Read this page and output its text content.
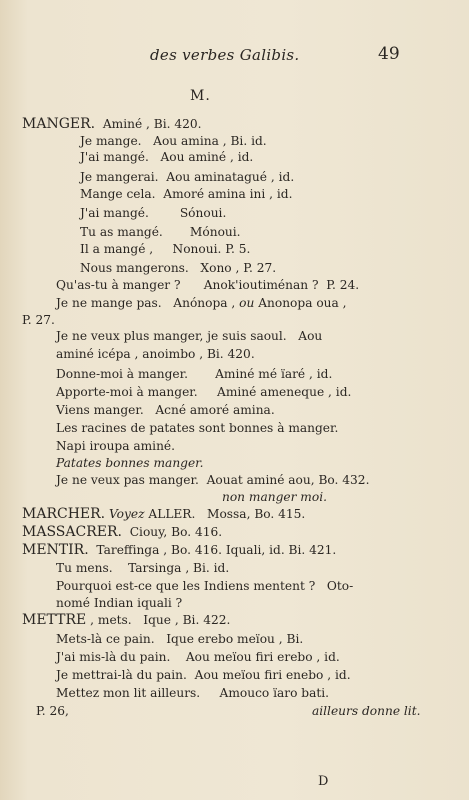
des verbes Galibis.	49
M.
MANGER.  Aminé , Bi. 420.
Je mange.   Aou amina , Bi. id.
J'ai mangé.   Aou aminé , id.
Je mangerai.  Aou aminatagué , id.
Mange cela.  Amoré amina ini , id.
J'ai mangé.        Sónoui.
Tu as mangé.       Mónoui.
Il a mangé ,     Nonoui. P. 5.
Nous mangerons.   Xono , P. 27.
Qu'as-tu à manger ?      Anok'ioutiménan ?  P. 24.
Je ne mange pas.   Anónopa , ou Anonopa oua ,
P. 27.
Je ne veux plus manger, je suis saoul.   Aou
aminé icépa , anoimbo , Bi. 420.
Donne-moi à manger.       Aminé mé ïaré , id.
Apporte-moi à manger.     Aminé ameneque , id.
Viens manger.   Acné amoré amina.
Les racines de patates sont bonnes à manger.
Napi iroupa aminé.
Patates bonnes manger.
Je ne veux pas manger.  Aouat aminé aou, Bo. 432.
non manger moi.
MARCHER. Voyez ALLER.   Mossa, Bo. 415.
MASSACRER.  Ciouy, Bo. 416.
MENTIR.  Tareffinga , Bo. 416. Iquali, id. Bi. 421.
Tu mens.    Tarsinga , Bi. id.
Pourquoi est-ce que les Indiens mentent ?   Oto-
nomé Indian iquali ?
METTRE , mets.   Ique , Bi. 422.
Mets-là ce pain.   Ique erebo meïou , Bi.
J'ai mis-là du pain.    Aou meïou firi erebo , id.
Je mettrai-là du pain.  Aou meïou firi enebo , id.
Mettez mon lit ailleurs.     Amouco ïaro bati.
P. 26,	ailleurs donne lit.
D
